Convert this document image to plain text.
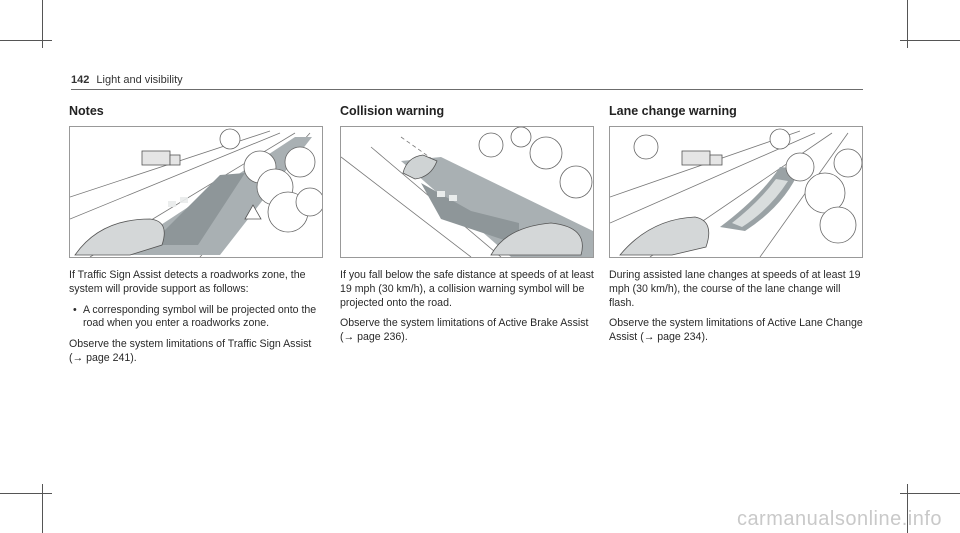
142 Light and visibility
Notes

If Traffic Sign Assist detects a roadworks zone, the system will provide support as follows:

• A corresponding symbol will be projected onto the road when you enter a roadworks zone.

Observe the system limitations of Traffic Sign Assist (→ page 241).

Collision warning

If you fall below the safe distance at speeds of at least 19 mph (30 km/h), a collision warning symbol will be projected onto the road.

Observe the system limitations of Active Brake Assist (→ page 236).

Lane change warning

During assisted lane changes at speeds of at least 19 mph (30 km/h), the course of the lane change will flash.

Observe the system limitations of Active Lane Change Assist (→ page 234).

carmanualsonline.info
